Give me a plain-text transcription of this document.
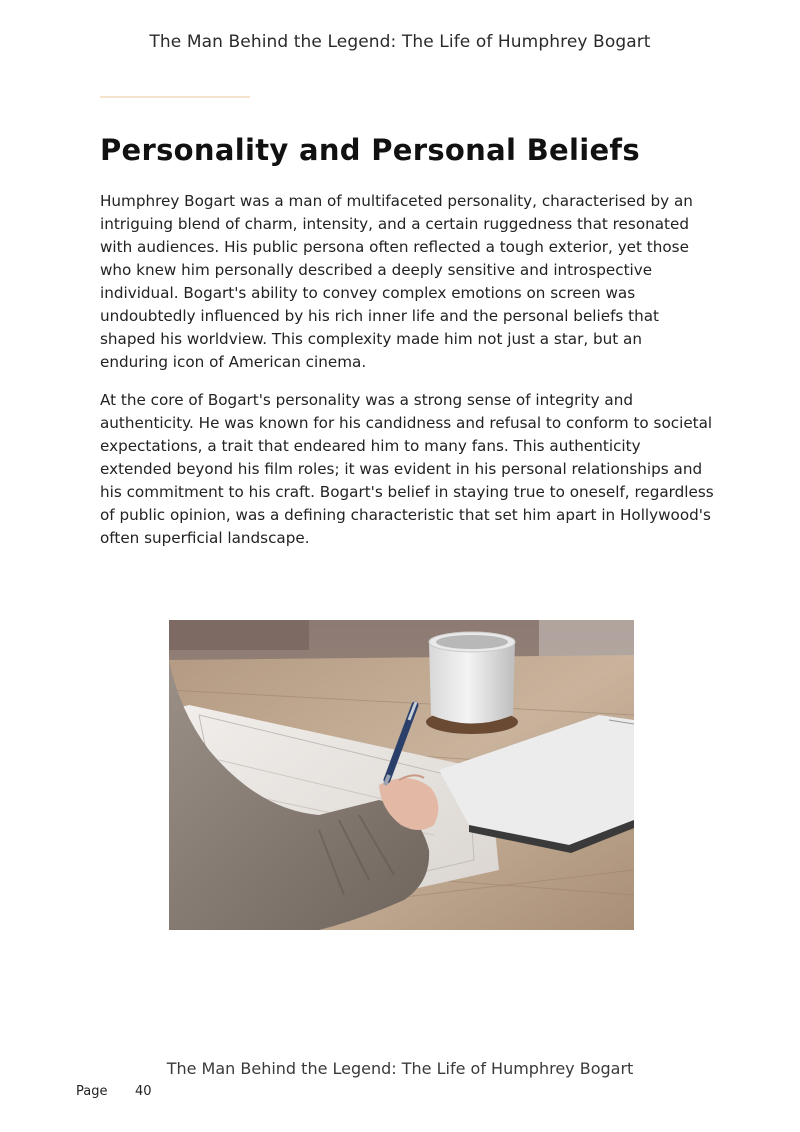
The Man Behind the Legend: The Life of Humphrey Bogart
Personality and Personal Beliefs

Humphrey Bogart was a man of multifaceted personality, characterised by an intriguing blend of charm, intensity, and a certain ruggedness that resonated with audiences. His public persona often reflected a tough exterior, yet those who knew him personally described a deeply sensitive and introspective individual. Bogart's ability to convey complex emotions on screen was undoubtedly influenced by his rich inner life and the personal beliefs that shaped his worldview. This complexity made him not just a star, but an enduring icon of American cinema.

At the core of Bogart's personality was a strong sense of integrity and authenticity. He was known for his candidness and refusal to conform to societal expectations, a trait that endeared him to many fans. This authenticity extended beyond his film roles; it was evident in his personal relationships and his commitment to his craft. Bogart's belief in staying true to oneself, regardless of public opinion, was a defining characteristic that set him apart in Hollywood's often superficial landscape.

The Man Behind the Legend: The Life of Humphrey Bogart
Page 40
